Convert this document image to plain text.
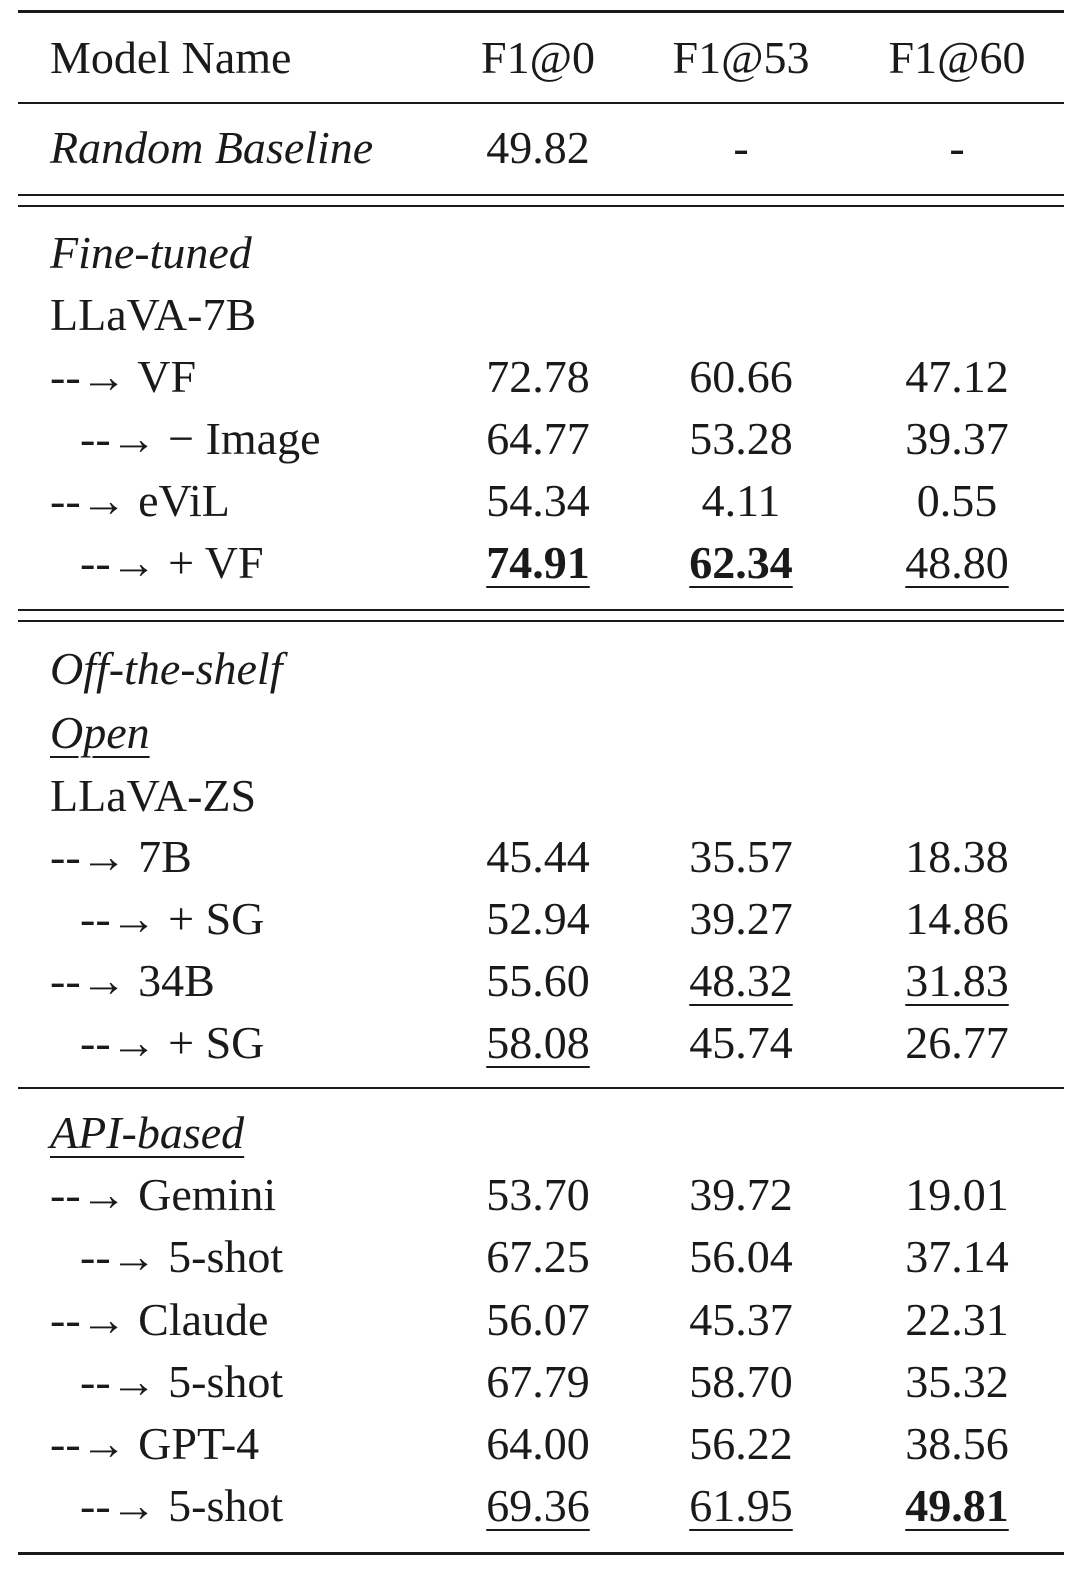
Model Name	F1@0	F1@53	F1@60
Random Baseline	49.82	-	-
Fine-tuned
LLaVA-7B
--→ VF	72.78	60.66	47.12
--→ − Image	64.77	53.28	39.37
--→ eViL	54.34	4.11	0.55
--→ + VF	74.91	62.34	48.80
Off-the-shelf
Open
LLaVA-ZS
--→ 7B	45.44	35.57	18.38
--→ + SG	52.94	39.27	14.86
--→ 34B	55.60	48.32	31.83
--→ + SG	58.08	45.74	26.77
API-based
--→ Gemini	53.70	39.72	19.01
--→ 5-shot	67.25	56.04	37.14
--→ Claude	56.07	45.37	22.31
--→ 5-shot	67.79	58.70	35.32
--→ GPT-4	64.00	56.22	38.56
--→ 5-shot	69.36	61.95	49.81
